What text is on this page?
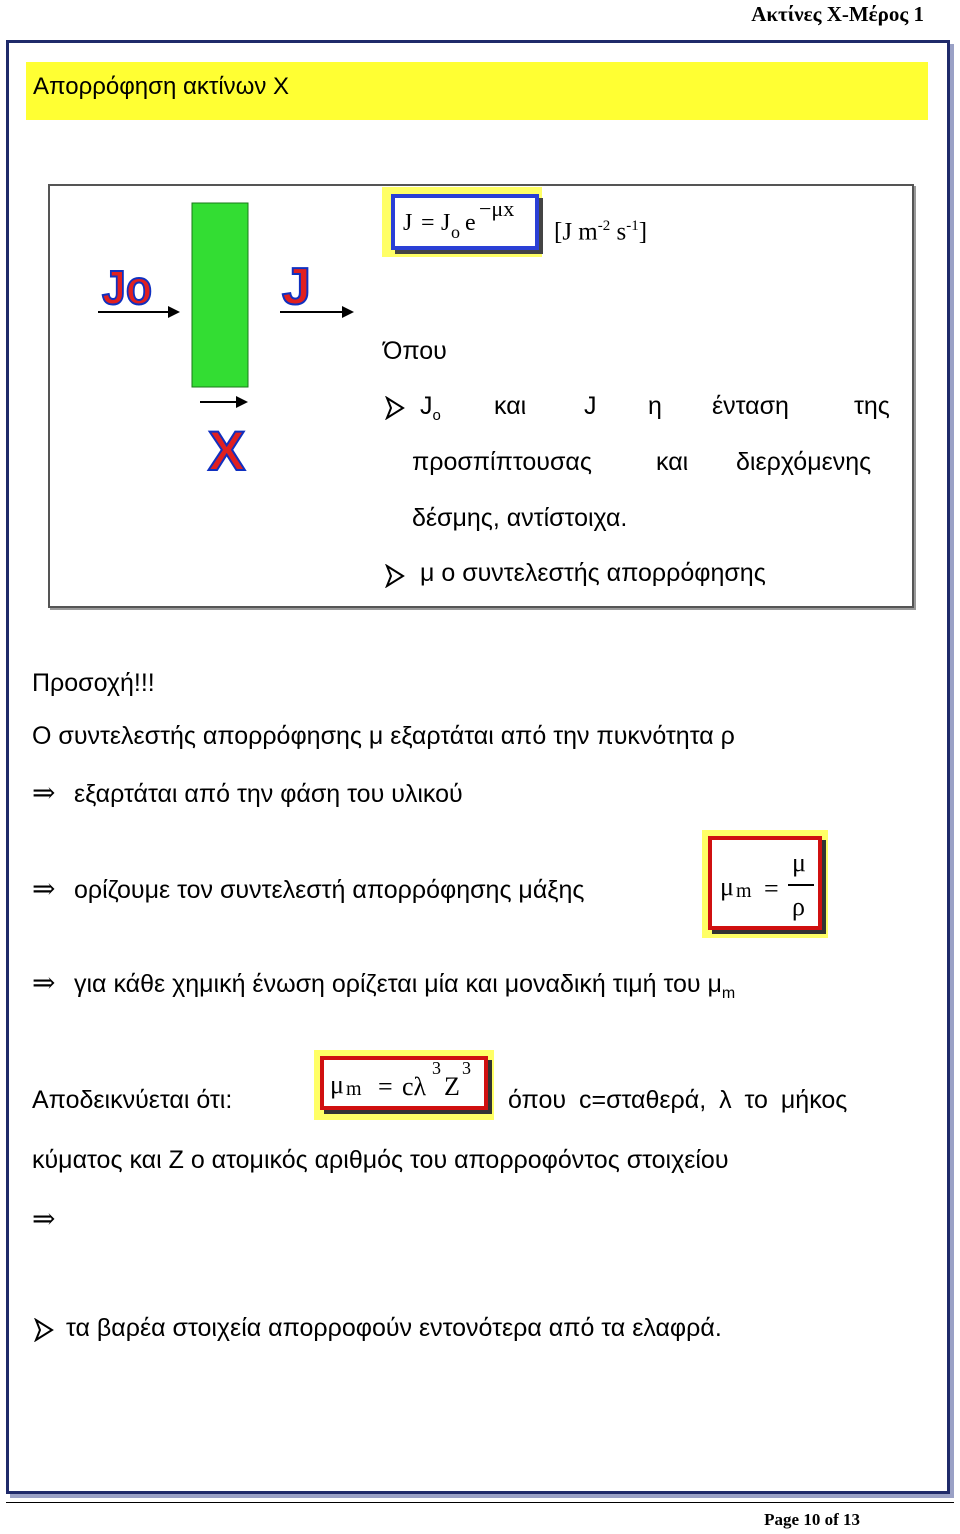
Ακτίνες Χ-Μέρος 1
Απορρόφηση ακτίνων Χ
Jo	J
X
J = J o e
−μx
[J $m^{-2}$ $s^{-1}$]
Όπου
$J_o$ και J η ένταση	της
προσπίπτουσας	και διερχόμενης
δέσμης, αντίστοιχα.
μ ο συντελεστής απορρόφησης
Προσοχή!!!
Ο συντελεστής απορρόφησης μ εξαρτάται από την πυκνότητα ρ
⇒ εξαρτάται από την φάση του υλικού
⇒ ορίζουμε τον συντελεστή απορρόφησης μάξης	μ m =
μ
ρ
⇒ για κάθε χημική ένωση ορίζεται μία και μοναδική τιμή του $\mu_m$
Αποδεικνύεται ότι:
μ m = cλ
3
Z
3
όπου c=σταθερά, λ το μήκος
κύματος και Ζ ο ατομικός αριθμός του απορροφόντος στοιχείου
⇒
τα βαρέα στοιχεία απορροφούν εντονότερα από τα ελαφρά.
Page 10 of 13
